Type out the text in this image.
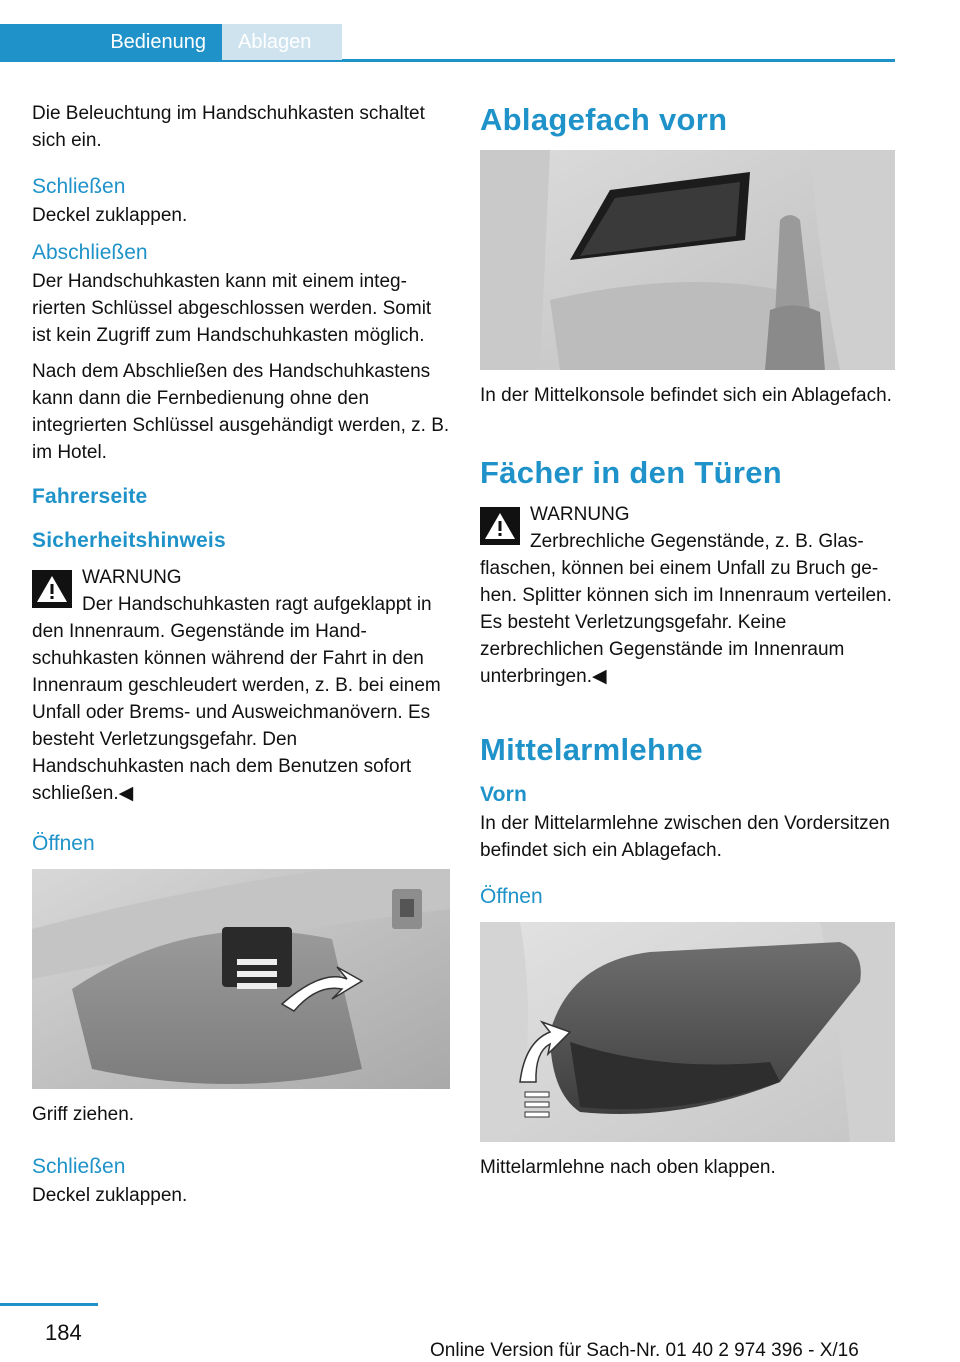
Bedienung	Ablagen

Die Beleuchtung im Handschuhkasten schaltet sich ein.

Schließen

Deckel zuklappen.

Abschließen

Der Handschuhkasten kann mit einem integrierten Schlüssel abgeschlossen werden. Somit ist kein Zugriff zum Handschuhkasten möglich.

Nach dem Abschließen des Handschuhkastens kann dann die Fernbedienung ohne den integrierten Schlüssel ausgehändigt werden, z. B. im Hotel.

Fahrerseite
Sicherheitshinweis
WARNUNG

Der Handschuhkasten ragt aufgeklappt in den Innenraum. Gegenstände im Handschuhkasten können während der Fahrt in den Innenraum geschleudert werden, z. B. bei einem Unfall oder Brems- und Ausweichmanövern. Es besteht Verletzungsgefahr. Den Handschuhkasten nach dem Benutzen sofort schließen.◀

Öffnen

Griff ziehen.

Schließen

Deckel zuklappen.

Ablagefach vorn

In der Mittelkonsole befindet sich ein Ablagefach.

Fächer in den Türen
WARNUNG

Zerbrechliche Gegenstände, z. B. Glasflaschen, können bei einem Unfall zu Bruch gehen. Splitter können sich im Innenraum verteilen. Es besteht Verletzungsgefahr. Keine zerbrechlichen Gegenstände im Innenraum unterbringen.◀

Mittelarmlehne
Vorn

In der Mittelarmlehne zwischen den Vordersitzen befindet sich ein Ablagefach.

Öffnen

Mittelarmlehne nach oben klappen.

184
Online Version für Sach-Nr. 01 40 2 974 396 - X/16
